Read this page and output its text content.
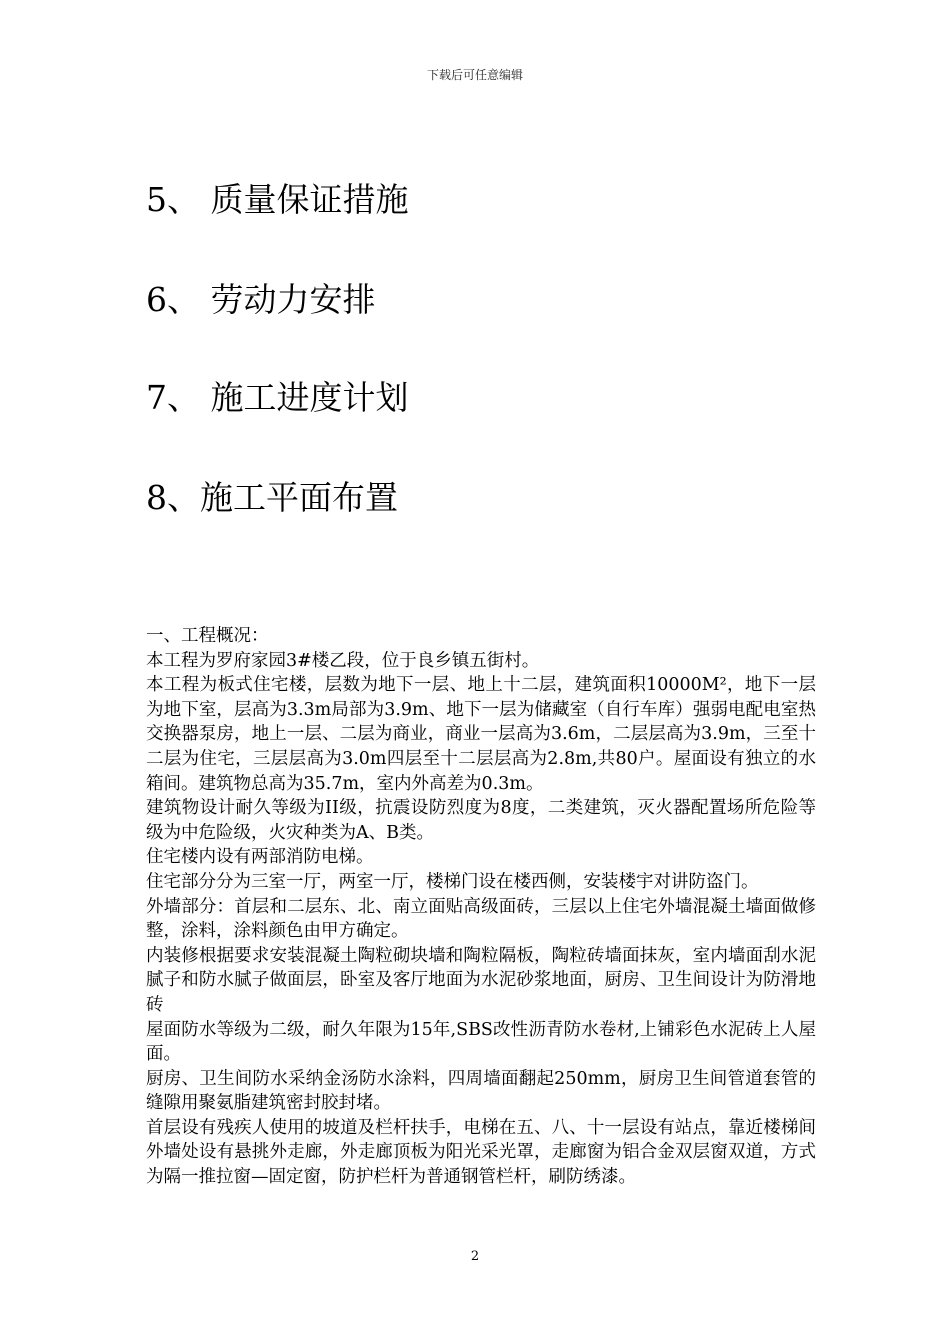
下载后可任意编辑
5、 质量保证措施
6、 劳动力安排
7、 施工进度计划
8、施工平面布置

一、工程概况：

本工程为罗府家园3#楼乙段，位于良乡镇五街村。

本工程为板式住宅楼，层数为地下一层、地上十二层，建筑面积10000M²，地下一层为地下室，层高为3.3m局部为3.9m、地下一层为储藏室（自行车库）强弱电配电室热交换器泵房，地上一层、二层为商业，商业一层高为3.6m，二层层高为3.9m，三至十二层为住宅，三层层高为3.0m四层至十二层层高为2.8m,共80户。屋面设有独立的水箱间。建筑物总高为35.7m，室内外高差为0.3m。

建筑物设计耐久等级为II级，抗震设防烈度为8度，二类建筑，灭火器配置场所危险等级为中危险级，火灾种类为A、B类。

住宅楼内设有两部消防电梯。

住宅部分分为三室一厅，两室一厅，楼梯门设在楼西侧，安装楼宇对讲防盗门。

外墙部分：首层和二层东、北、南立面贴高级面砖，三层以上住宅外墙混凝土墙面做修整，涂料，涂料颜色由甲方确定。

内装修根据要求安装混凝土陶粒砌块墙和陶粒隔板，陶粒砖墙面抹灰，室内墙面刮水泥腻子和防水腻子做面层，卧室及客厅地面为水泥砂浆地面，厨房、卫生间设计为防滑地砖

屋面防水等级为二级，耐久年限为15年,SBS改性沥青防水卷材,上铺彩色水泥砖上人屋面。

厨房、卫生间防水采纳金汤防水涂料，四周墙面翻起250mm，厨房卫生间管道套管的缝隙用聚氨脂建筑密封胶封堵。

首层设有残疾人使用的坡道及栏杆扶手，电梯在五、八、十一层设有站点，靠近楼梯间外墙处设有悬挑外走廊，外走廊顶板为阳光采光罩，走廊窗为铝合金双层窗双道，方式为隔一推拉窗—固定窗，防护栏杆为普通钢管栏杆，刷防绣漆。

2
